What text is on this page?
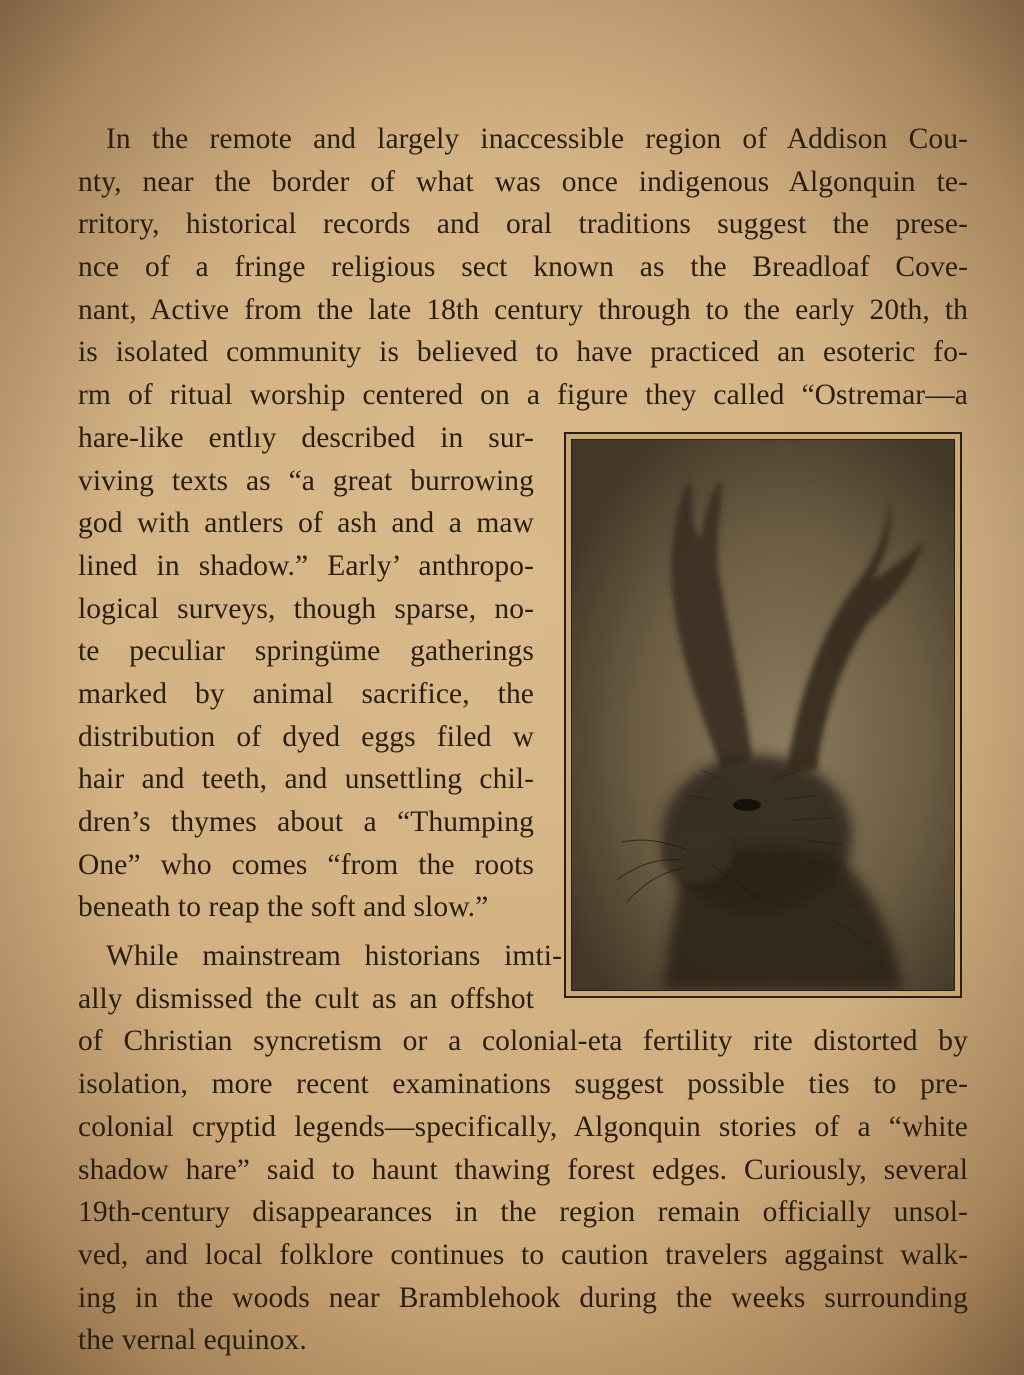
In the remote and largely inaccessible region of Addison Cou-
nty, near the border of what was once indigenous Algonquin te-
rritory, historical records and oral traditions suggest the prese-
nce of a fringe religious sect known as the Breadloaf Cove-
nant, Active from the late 18th century through to the early 20th, th
is isolated community is believed to have practiced an esoteric fo-
rm of ritual worship centered on a figure they called “Ostremar—a
hare-like entlıy described in sur-
viving texts as “a great burrowing
god with antlers of ash and a maw
lined in shadow.” Early’ anthropo-
logical surveys, though sparse, no-
te peculiar springüme gatherings
marked by animal sacrifice, the
distribution of dyed eggs filed w
hair and teeth, and unsettling chil-
dren’s thymes about a “Thumping
One” who comes “from the roots
beneath to reap the soft and slow.”
While mainstream historians imti-
ally dismissed the cult as an offshot
of Christian syncretism or a colonial-eta fertility rite distorted by
isolation, more recent examinations suggest possible ties to pre-
colonial cryptid legends—specifically, Algonquin stories of a “white
shadow hare” said to haunt thawing forest edges. Curiously, several
19th-century disappearances in the region remain officially unsol-
ved, and local folklore continues to caution travelers aggainst walk-
ing in the woods near Bramblehook during the weeks surrounding
the vernal equinox.
